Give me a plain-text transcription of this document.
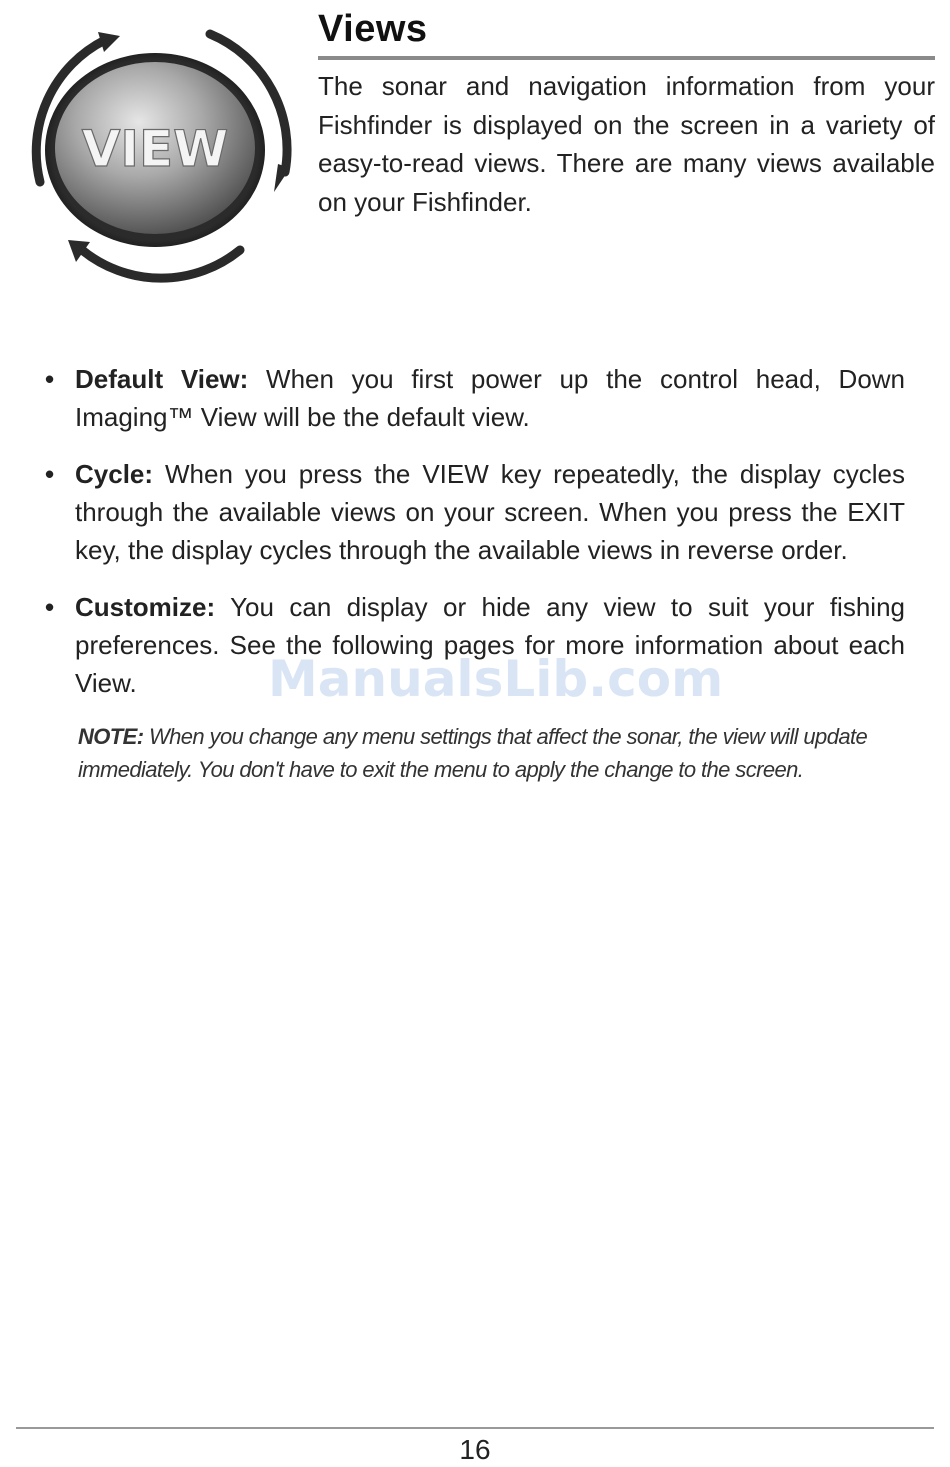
VIEW
Views

The sonar and navigation information from your Fishfinder is displayed on the screen in a variety of easy-to-read views. There are many views available on your Fishfinder.

• Default View: When you first power up the control head, Down Imaging™ View will be the default view.
• Cycle: When you press the VIEW key repeatedly, the display cycles through the available views on your screen. When you press the EXIT key, the display cycles through the available views in reverse order.
• Customize: You can display or hide any view to suit your fishing preferences. See the following pages for more information about each View.	ManualsLib.com

NOTE: When you change any menu settings that affect the sonar, the view will update immediately. You don't have to exit the menu to apply the change to the screen.

16
